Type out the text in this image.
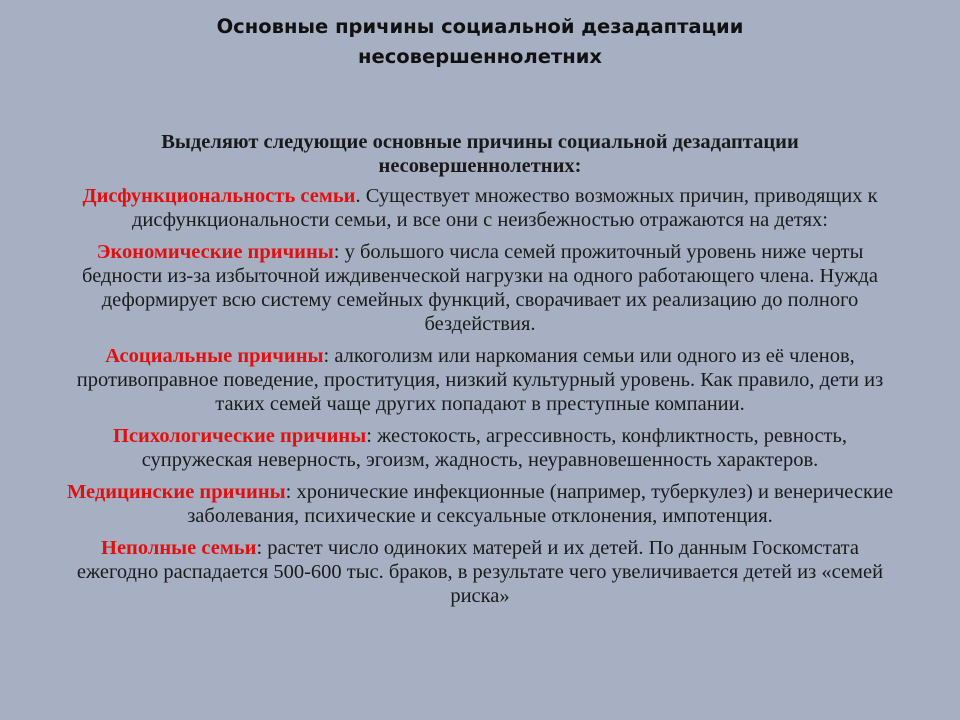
Основные причины социальной дезадаптации
несовершеннолетних
Выделяют следующие основные причины социальной дезадаптации
несовершеннолетних:
Дисфункциональность семьи. Существует множество возможных причин, приводящих к дисфункциональности семьи, и все они с неизбежностью отражаются на детях:
Экономические причины: у большого числа семей прожиточный уровень ниже черты бедности из-за избыточной иждивенческой нагрузки на одного работающего члена. Нужда деформирует всю систему семейных функций, сворачивает их реализацию до полного бездействия.
Асоциальные причины: алкоголизм или наркомания семьи или одного из её членов, противоправное поведение, проституция, низкий культурный уровень. Как правило, дети из таких семей чаще других попадают в преступные компании.
Психологические причины: жестокость, агрессивность, конфликтность, ревность, супружеская неверность, эгоизм, жадность, неуравновешенность характеров.
Медицинские причины: хронические инфекционные (например, туберкулез) и венерические заболевания, психические и сексуальные отклонения, импотенция.
Неполные семьи: растет число одиноких матерей и их детей. По данным Госкомстата ежегодно распадается 500-600 тыс. браков, в результате чего увеличивается детей из «семей риска»
